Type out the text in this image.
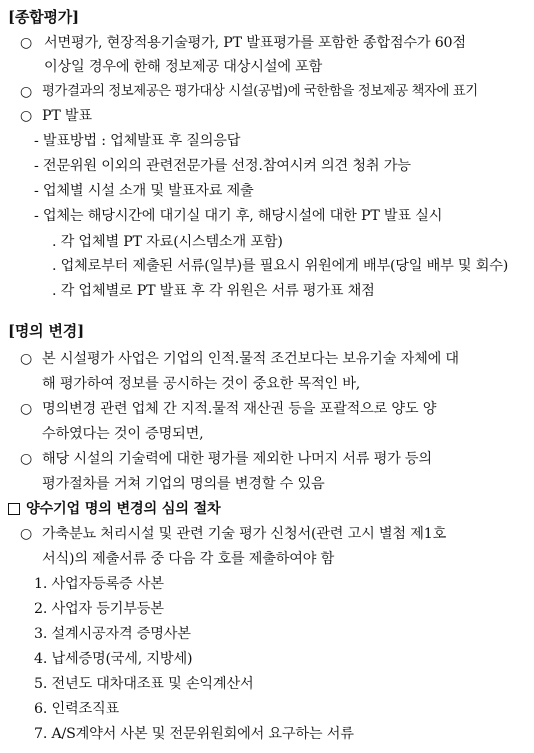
[종합평가]
○ 서면평가, 현장적용기술평가, PT 발표평가를 포함한 종합점수가 60점
이상일 경우에 한해 정보제공 대상시설에 포함
○ 평가결과의 정보제공은 평가대상 시설(공법)에 국한함을 정보제공 책자에 표기
○ PT 발표
- 발표방법 : 업체발표 후 질의응답
- 전문위원 이외의 관련전문가를 선정.참여시켜 의견 청취 가능
- 업체별 시설 소개 및 발표자료 제출
- 업체는 해당시간에 대기실 대기 후, 해당시설에 대한 PT 발표 실시
. 각 업체별 PT 자료(시스템소개 포함)
. 업체로부터 제출된 서류(일부)를 필요시 위원에게 배부(당일 배부 및 회수)
. 각 업체별로 PT 발표 후 각 위원은 서류 평가표 채점
[명의 변경]
○ 본 시설평가 사업은 기업의 인적.물적 조건보다는 보유기술 자체에 대
해 평가하여 정보를 공시하는 것이 중요한 목적인 바,
○ 명의변경 관련 업체 간 지적.물적 재산권 등을 포괄적으로 양도 양
수하였다는 것이 증명되면,
○ 해당 시설의 기술력에 대한 평가를 제외한 나머지 서류 평가 등의
평가절차를 거쳐 기업의 명의를 변경할 수 있음
양수기업 명의 변경의 심의 절차
○ 가축분뇨 처리시설 및 관련 기술 평가 신청서(관련 고시 별첨 제1호
서식)의 제출서류 중 다음 각 호를 제출하여야 함
1. 사업자등록증 사본
2. 사업자 등기부등본
3. 설계시공자격 증명사본
4. 납세증명(국세, 지방세)
5. 전년도 대차대조표 및 손익계산서
6. 인력조직표
7. A/S계약서 사본 및 전문위원회에서 요구하는 서류
